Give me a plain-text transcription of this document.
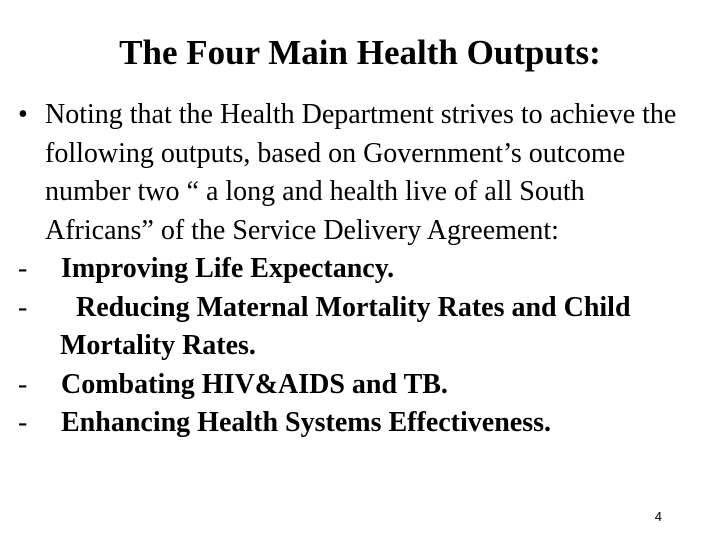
The Four Main Health Outputs:
• Noting that the Health Department strives to achieve the following outputs, based on Government’s outcome number two “ a long and health live of all South Africans” of the Service Delivery Agreement:
- Improving Life Expectancy.
-	Reducing Maternal Mortality Rates and Child Mortality Rates.
- Combating HIV&AIDS and TB.
- Enhancing Health Systems Effectiveness.
4
